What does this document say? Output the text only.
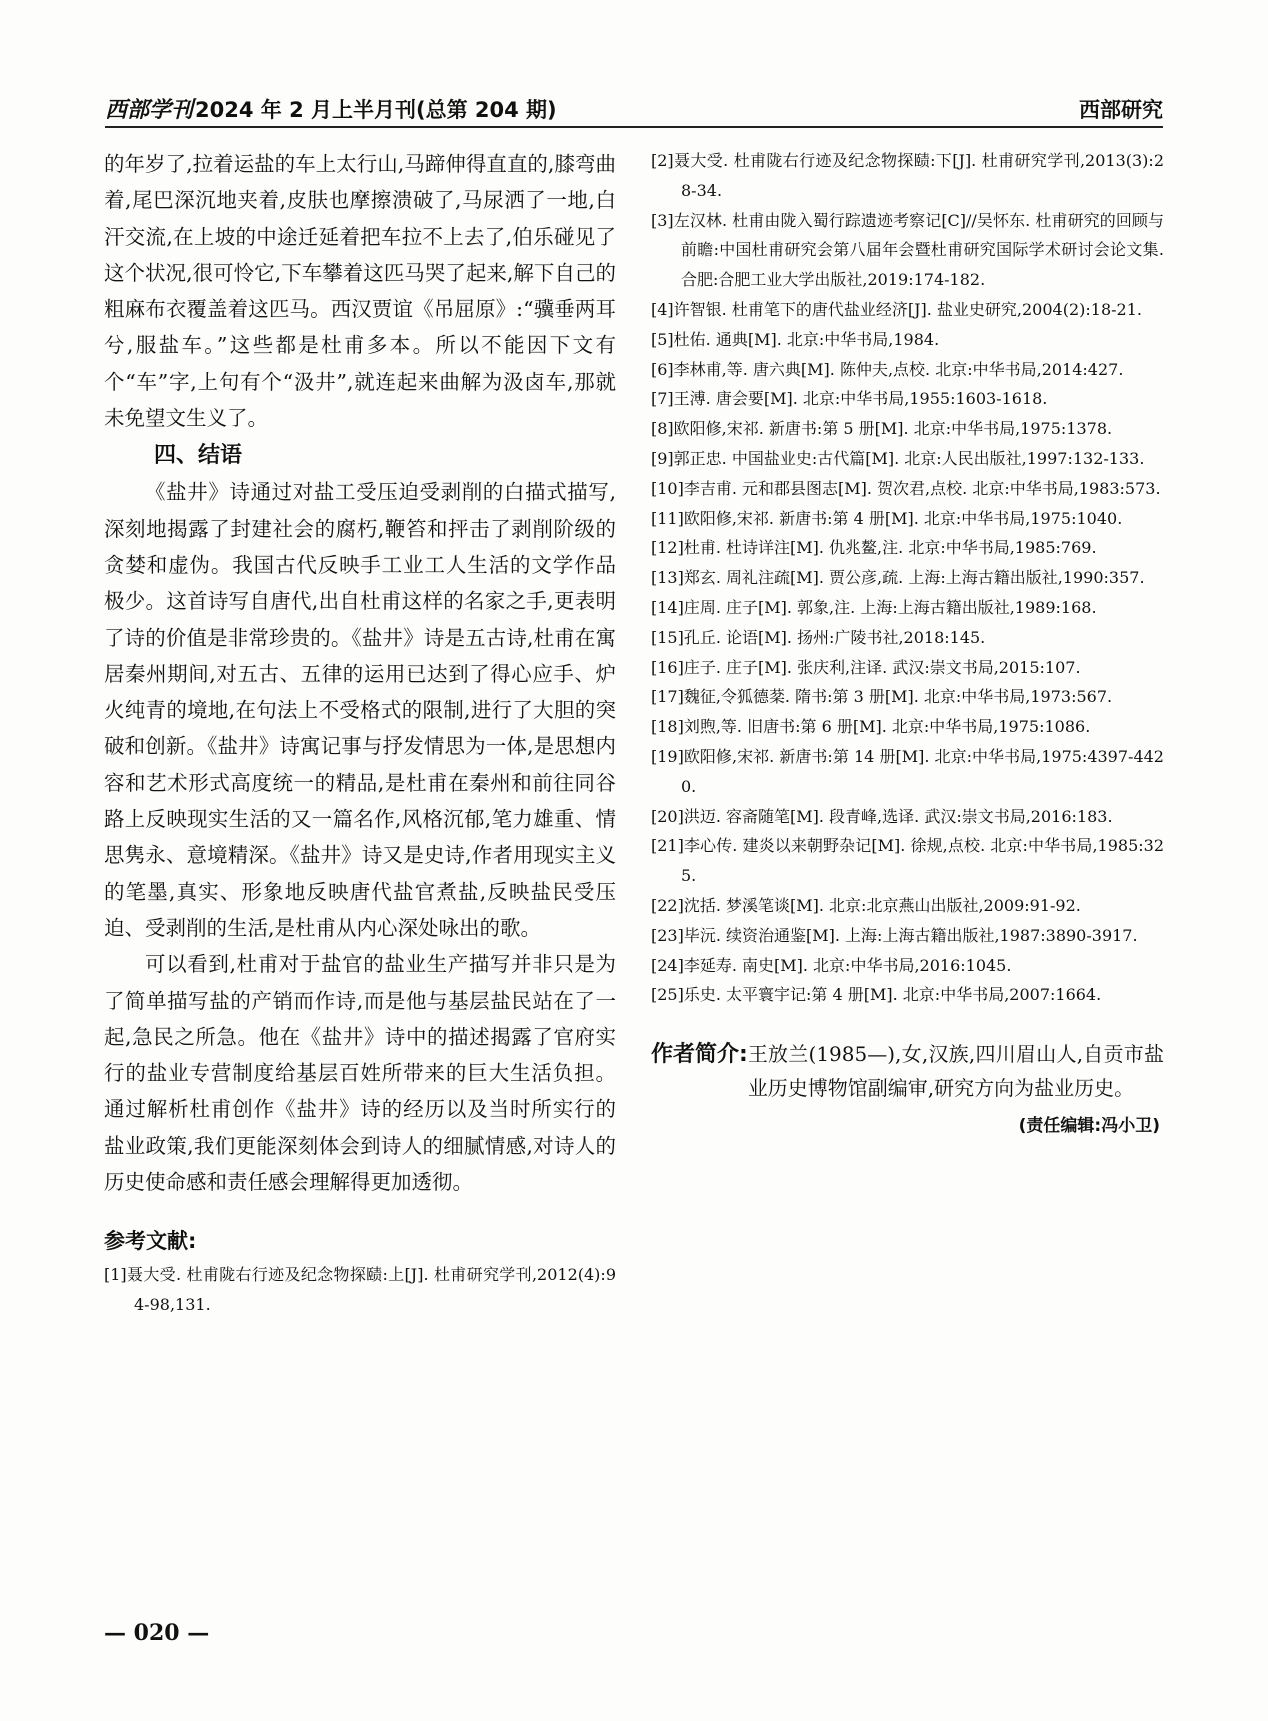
西部学刊2024 年 2 月上半月刊(总第 204 期)	西部研究

的年岁了,拉着运盐的车上太行山,马蹄伸得直直的,膝弯曲着,尾巴深沉地夹着,皮肤也摩擦溃破了,马尿洒了一地,白汗交流,在上坡的中途迁延着把车拉不上去了,伯乐碰见了这个状况,很可怜它,下车攀着这匹马哭了起来,解下自己的粗麻布衣覆盖着这匹马。西汉贾谊《吊屈原》:“骥垂两耳兮,服盐车。”这些都是杜甫多本。所以不能因下文有个“车”字,上句有个“汲井”,就连起来曲解为汲卤车,那就未免望文生义了。

四、结语

《盐井》诗通过对盐工受压迫受剥削的白描式描写,深刻地揭露了封建社会的腐朽,鞭笞和抨击了剥削阶级的贪婪和虚伪。我国古代反映手工业工人生活的文学作品极少。这首诗写自唐代,出自杜甫这样的名家之手,更表明了诗的价值是非常珍贵的。《盐井》诗是五古诗,杜甫在寓居秦州期间,对五古、五律的运用已达到了得心应手、炉火纯青的境地,在句法上不受格式的限制,进行了大胆的突破和创新。《盐井》诗寓记事与抒发情思为一体,是思想内容和艺术形式高度统一的精品,是杜甫在秦州和前往同谷路上反映现实生活的又一篇名作,风格沉郁,笔力雄重、情思隽永、意境精深。《盐井》诗又是史诗,作者用现实主义的笔墨,真实、形象地反映唐代盐官煮盐,反映盐民受压迫、受剥削的生活,是杜甫从内心深处咏出的歌。

可以看到,杜甫对于盐官的盐业生产描写并非只是为了简单描写盐的产销而作诗,而是他与基层盐民站在了一起,急民之所急。他在《盐井》诗中的描述揭露了官府实行的盐业专营制度给基层百姓所带来的巨大生活负担。通过解析杜甫创作《盐井》诗的经历以及当时所实行的盐业政策,我们更能深刻体会到诗人的细腻情感,对诗人的历史使命感和责任感会理解得更加透彻。

参考文献:

[1]聂大受. 杜甫陇右行迹及纪念物探赜:上[J]. 杜甫研究学刊,2012(4):94-98,131.

[2]聂大受. 杜甫陇右行迹及纪念物探赜:下[J]. 杜甫研究学刊,2013(3):28-34.

[3]左汉林. 杜甫由陇入蜀行踪遗迹考察记[C]//吴怀东. 杜甫研究的回顾与前瞻:中国杜甫研究会第八届年会暨杜甫研究国际学术研讨会论文集. 合肥:合肥工业大学出版社,2019:174-182.

[4]许智银. 杜甫笔下的唐代盐业经济[J]. 盐业史研究,2004(2):18-21.

[5]杜佑. 通典[M]. 北京:中华书局,1984.

[6]李林甫,等. 唐六典[M]. 陈仲夫,点校. 北京:中华书局,2014:427.

[7]王溥. 唐会要[M]. 北京:中华书局,1955:1603-1618.

[8]欧阳修,宋祁. 新唐书:第 5 册[M]. 北京:中华书局,1975:1378.

[9]郭正忠. 中国盐业史:古代篇[M]. 北京:人民出版社,1997:132-133.

[10]李吉甫. 元和郡县图志[M]. 贺次君,点校. 北京:中华书局,1983:573.

[11]欧阳修,宋祁. 新唐书:第 4 册[M]. 北京:中华书局,1975:1040.

[12]杜甫. 杜诗详注[M]. 仇兆鳌,注. 北京:中华书局,1985:769.

[13]郑玄. 周礼注疏[M]. 贾公彦,疏. 上海:上海古籍出版社,1990:357.

[14]庄周. 庄子[M]. 郭象,注. 上海:上海古籍出版社,1989:168.

[15]孔丘. 论语[M]. 扬州:广陵书社,2018:145.

[16]庄子. 庄子[M]. 张庆利,注译. 武汉:崇文书局,2015:107.

[17]魏征,令狐德棻. 隋书:第 3 册[M]. 北京:中华书局,1973:567.

[18]刘煦,等. 旧唐书:第 6 册[M]. 北京:中华书局,1975:1086.

[19]欧阳修,宋祁. 新唐书:第 14 册[M]. 北京:中华书局,1975:4397-4420.

[20]洪迈. 容斋随笔[M]. 段青峰,选译. 武汉:崇文书局,2016:183.

[21]李心传. 建炎以来朝野杂记[M]. 徐规,点校. 北京:中华书局,1985:325.

[22]沈括. 梦溪笔谈[M]. 北京:北京燕山出版社,2009:91-92.

[23]毕沅. 续资治通鉴[M]. 上海:上海古籍出版社,1987:3890-3917.

[24]李延寿. 南史[M]. 北京:中华书局,2016:1045.

[25]乐史. 太平寰宇记:第 4 册[M]. 北京:中华书局,2007:1664.

作者简介: 王放兰(1985—),女,汉族,四川眉山人,自贡市盐业历史博物馆副编审,研究方向为盐业历史。
(责任编辑:冯小卫)
— 020 —
